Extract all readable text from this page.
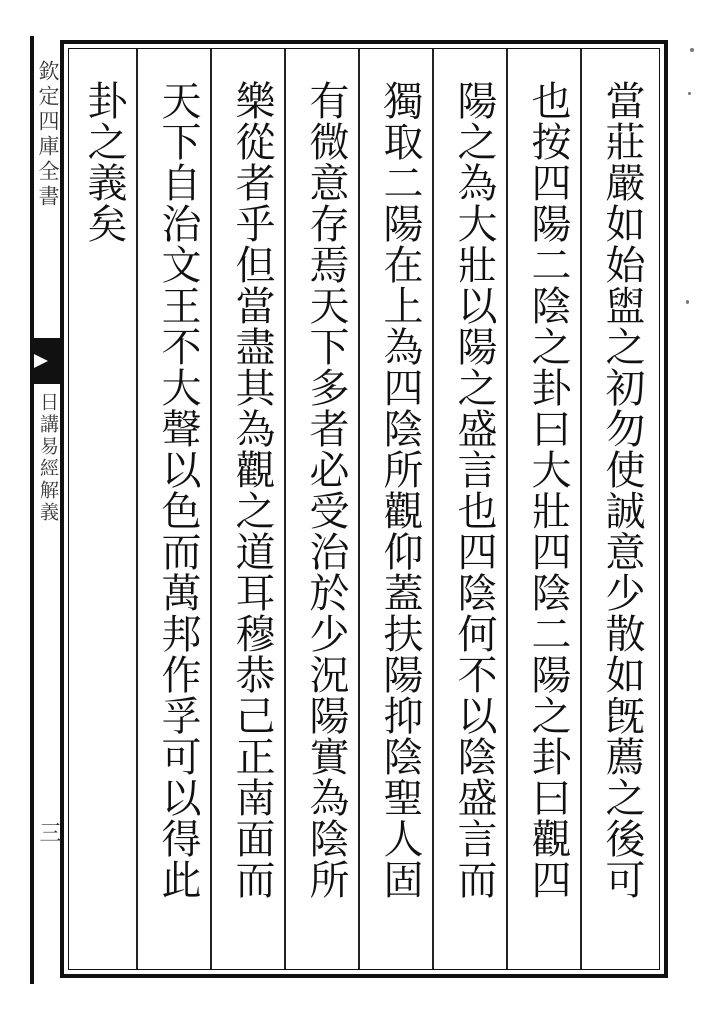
欽定四庫全書
日講易經解義
三	當莊嚴如始盥之初勿使誠意少散如旣薦之後可
也按四陽二陰之卦曰大壯四陰二陽之卦曰觀四
陽之為大壯以陽之盛言也四陰何不以陰盛言而
獨取二陽在上為四陰所觀仰蓋扶陽抑陰聖人固
有微意存焉天下多者必受治於少況陽實為陰所
樂從者乎但當盡其為觀之道耳穆恭己正南面而
天下自治文王不大聲以色而萬邦作孚可以得此
卦之義矣
